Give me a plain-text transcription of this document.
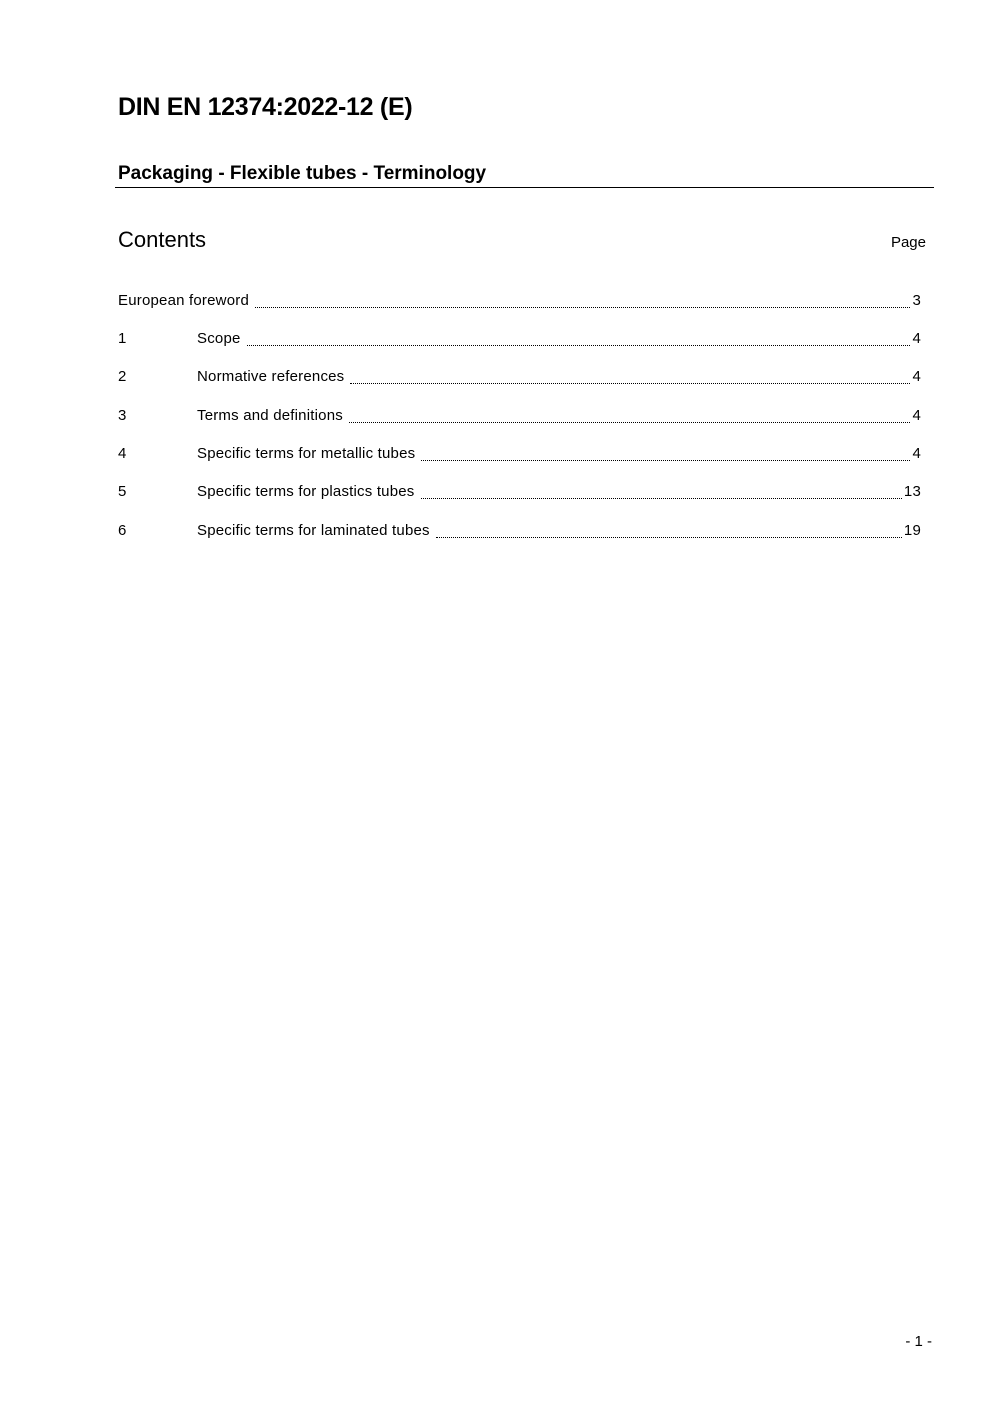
DIN EN 12374:2022-12 (E)
Packaging - Flexible tubes - Terminology
Contents	Page
European foreword	3
1	Scope	4
2	Normative references	4
3	Terms and definitions	4
4	Specific terms for metallic tubes	4
5	Specific terms for plastics tubes	13
6	Specific terms for laminated tubes	19
- 1 -
